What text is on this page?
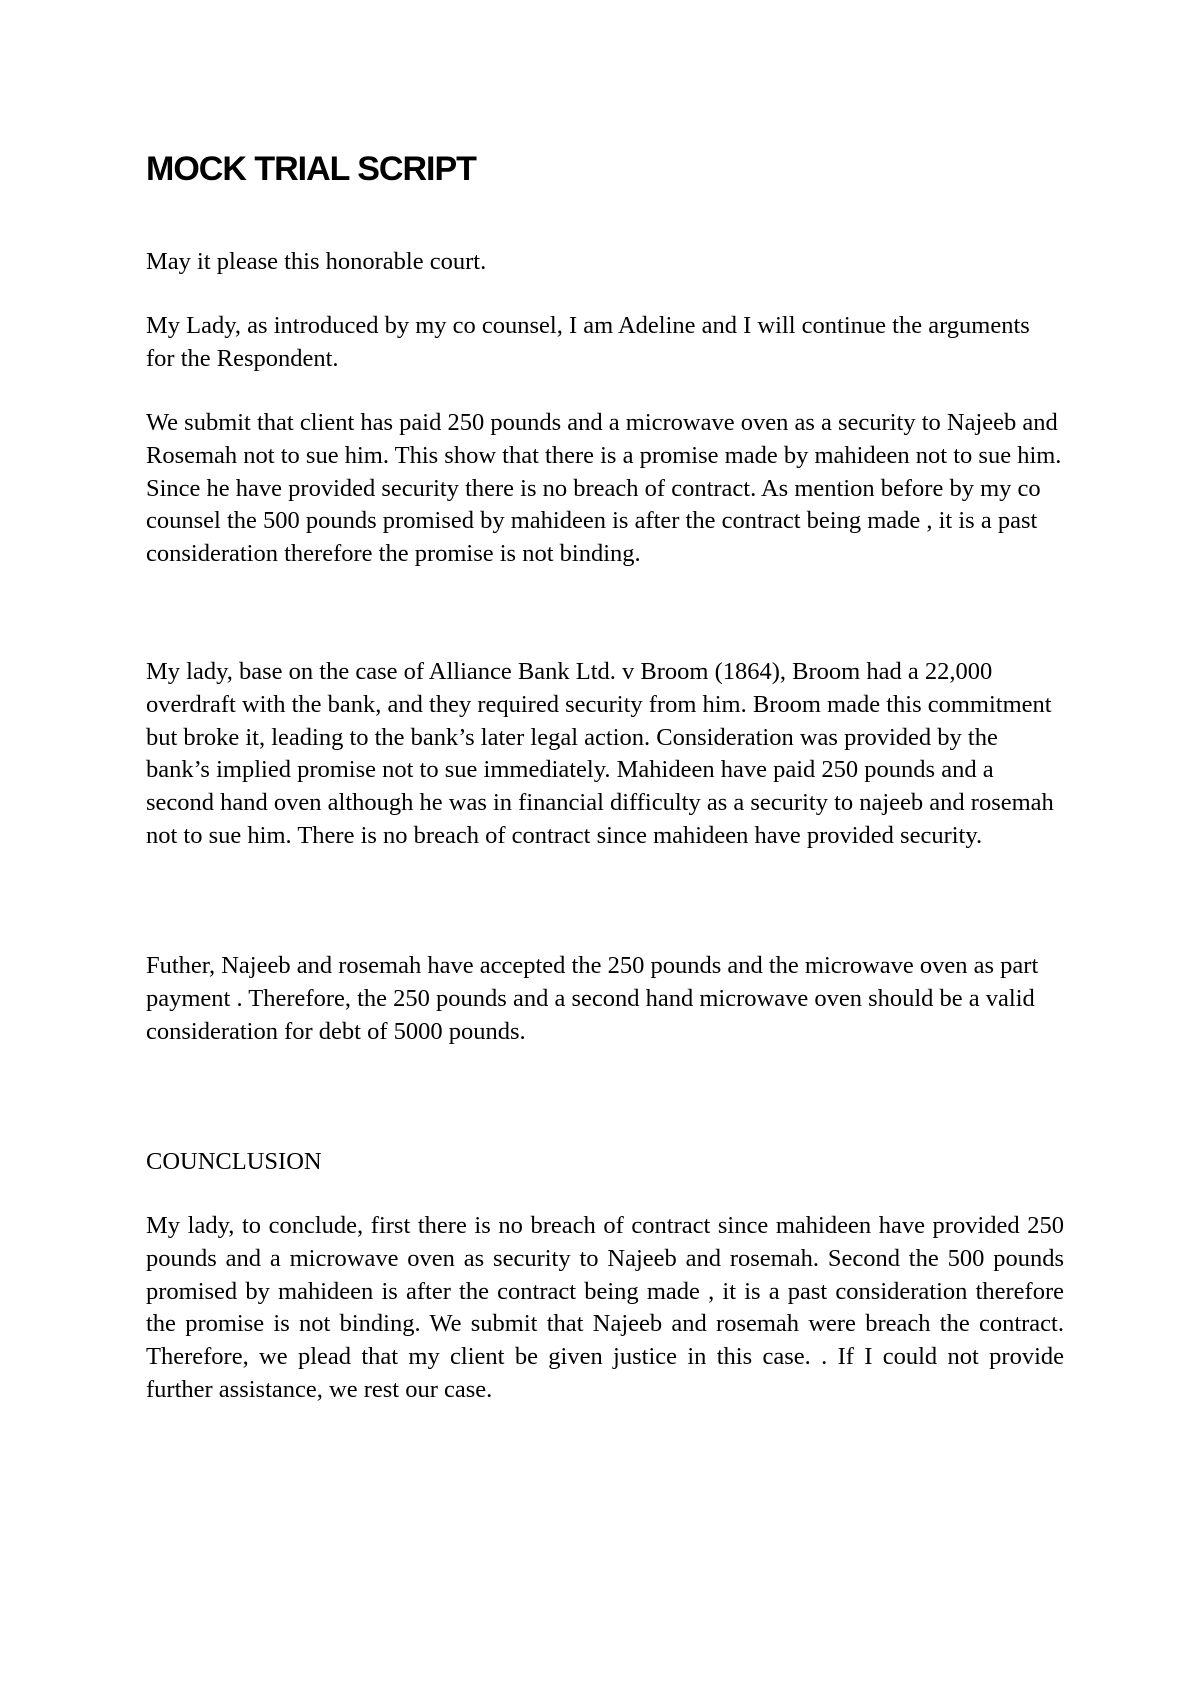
MOCK TRIAL SCRIPT

May it please this honorable court.

My Lady, as introduced by my co counsel, I am Adeline and I will continue the arguments for the Respondent.

We submit that client has paid 250 pounds and a microwave oven as a security to Najeeb and Rosemah not to sue him. This show that there is a promise made by mahideen not to sue him. Since he have provided security there is no breach of contract. As mention before by my co counsel the 500 pounds promised by mahideen is after the contract being made , it is a past consideration therefore the promise is not binding.

My lady, base on the case of Alliance Bank Ltd. v Broom (1864), Broom had a 22,000 overdraft with the bank, and they required security from him. Broom made this commitment but broke it, leading to the bank’s later legal action. Consideration was provided by the bank’s implied promise not to sue immediately. Mahideen have paid 250 pounds and a second hand oven although he was in financial difficulty as a security to najeeb and rosemah not to sue him. There is no breach of contract since mahideen have provided security.

Futher, Najeeb and rosemah have accepted the 250 pounds and the microwave oven as part payment . Therefore, the 250 pounds and a second hand microwave oven should be a valid consideration for debt of 5000 pounds.

COUNCLUSION

My lady, to conclude, first there is no breach of contract since mahideen have provided 250 pounds and a microwave oven as security to Najeeb and rosemah. Second the 500 pounds promised by mahideen is after the contract being made , it is a past consideration therefore the promise is not binding. We submit that Najeeb and rosemah were breach the contract. Therefore, we plead that my client be given justice in this case. . If I could not provide further assistance, we rest our case.
